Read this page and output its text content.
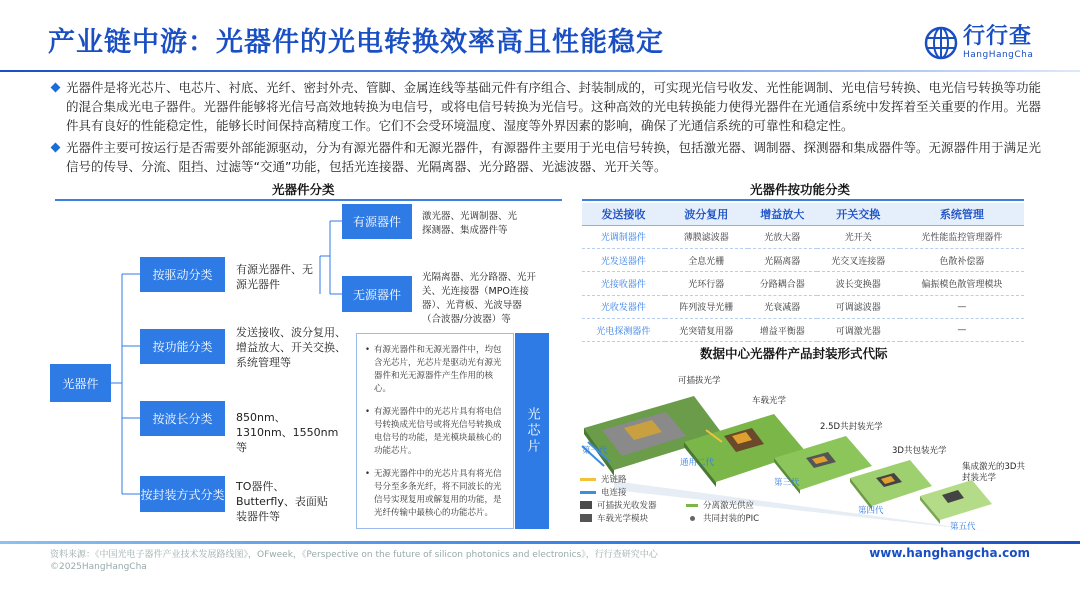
产业链中游：光器件的光电转换效率高且性能稳定	行行查
HangHangCha
光器件是将光芯片、电芯片、衬底、光纤、密封外壳、管脚、金属连线等基础元件有序组合、封装制成的，可实现光信号收发、光性能调制、光电信号转换、电光信号转换等功能的混合集成光电子器件。光器件能够将光信号高效地转换为电信号，或将电信号转换为光信号。这种高效的光电转换能力使得光器件在光通信系统中发挥着至关重要的作用。光器件具有良好的性能稳定性，能够长时间保持高精度工作。它们不会受环境温度、湿度等外界因素的影响，确保了光通信系统的可靠性和稳定性。
光器件主要可按运行是否需要外部能源驱动，分为有源光器件和无源光器件，有源器件主要用于光电信号转换，包括激光器、调制器、探测器和集成器件等。无源器件用于满足光信号的传导、分流、阻挡、过滤等“交通”功能，包括光连接器、光隔离器、光分路器、光滤波器、光开关等。
光器件分类
光器件
按驱动分类
按功能分类
按波长分类
按封装方式分类
有源光器件、无源光器件
发送接收、波分复用、增益放大、开关交换、系统管理等
850nm、1310nm、1550nm等
TO器件、Butterfly、表面贴装器件等
有源器件
无源器件
激光器、光调制器、光探测器、集成器件等
光隔离器、光分路器、光开关、光连接器（MPO连接器）、光背板、光波导器（合波器/分波器）等
• 有源光器件和无源光器件中，均包含光芯片，光芯片是驱动光有源光器件和光无源器件产生作用的核心。
• 有源光器件中的光芯片具有将电信号转换成光信号或将光信号转换成电信号的功能，是光模块最核心的功能芯片。
• 无源光器件中的光芯片具有将光信号分至多条光纤，将不同波长的光信号实现复用或解复用的功能，是光纤传输中最核心的功能芯片。
光芯片
光器件按功能分类
发送接收	波分复用	增益放大	开关交换	系统管理
光调制器件	薄膜滤波器	光放大器	光开关	光性能监控管理器件
光发送器件	全息光栅	光隔离器	光交叉连接器	色散补偿器
光接收器件	光环行器	分路耦合器	波长变换器	偏振模色散管理模块
光收发器件	阵列波导光栅	光衰减器	可调滤波器	—
光电探测器件	光突错复用器	增益平衡器	可调激光器	—
数据中心光器件产品封装形式代际
可插拔光学
车载光学
2.5D共封装光学
3D共包装光学
集成激光的3D共封装光学
第一代
通用二代
第三代
第四代
第五代
光链路
电连接
可插拔光收发器
车载光学模块
分离激光供应
共同封装的PIC
资料来源：《中国光电子器件产业技术发展路线图》，OFweek，《Perspective on the future of silicon photonics and electronics》，行行查研究中心
©2025HangHangCha
www.hanghangcha.com
